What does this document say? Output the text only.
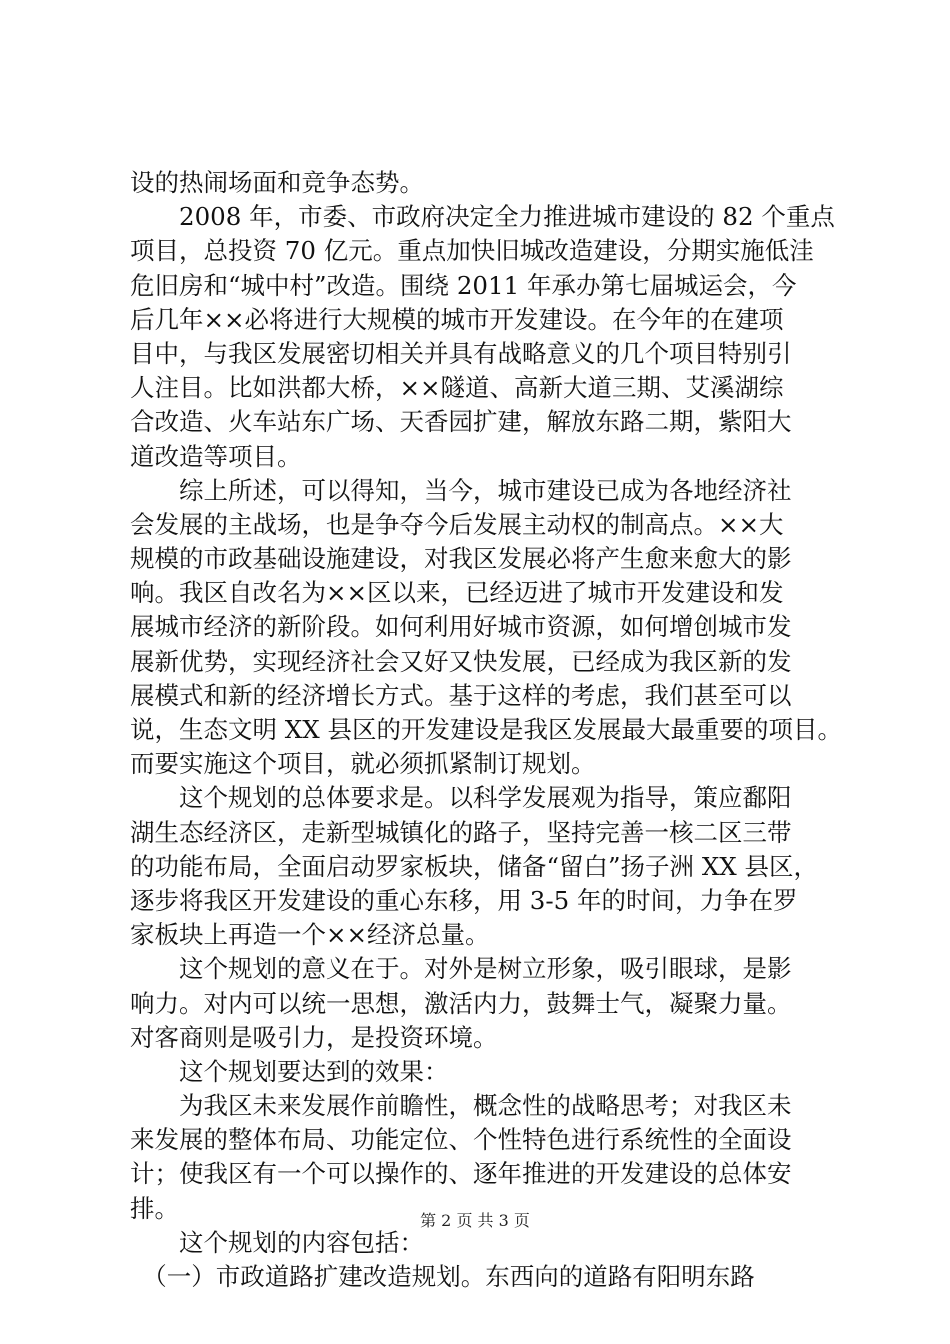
设的热闹场面和竞争态势。
　　2008 年，市委、市政府决定全力推进城市建设的 82 个重点
项目，总投资 70 亿元。重点加快旧城改造建设，分期实施低洼
危旧房和“城中村”改造。围绕 2011 年承办第七届城运会，今
后几年××必将进行大规模的城市开发建设。在今年的在建项
目中，与我区发展密切相关并具有战略意义的几个项目特别引
人注目。比如洪都大桥，××隧道、高新大道三期、艾溪湖综
合改造、火车站东广场、天香园扩建，解放东路二期，紫阳大
道改造等项目。
　　综上所述，可以得知，当今，城市建设已成为各地经济社
会发展的主战场，也是争夺今后发展主动权的制高点。××大
规模的市政基础设施建设，对我区发展必将产生愈来愈大的影
响。我区自改名为××区以来，已经迈进了城市开发建设和发
展城市经济的新阶段。如何利用好城市资源，如何增创城市发
展新优势，实现经济社会又好又快发展，已经成为我区新的发
展模式和新的经济增长方式。基于这样的考虑，我们甚至可以
说，生态文明 XX 县区的开发建设是我区发展最大最重要的项目。
而要实施这个项目，就必须抓紧制订规划。
　　这个规划的总体要求是。以科学发展观为指导，策应鄱阳
湖生态经济区，走新型城镇化的路子，坚持完善一核二区三带
的功能布局，全面启动罗家板块，储备“留白”扬子洲 XX 县区，
逐步将我区开发建设的重心东移，用 3-5 年的时间，力争在罗
家板块上再造一个××经济总量。
　　这个规划的意义在于。对外是树立形象，吸引眼球，是影
响力。对内可以统一思想，激活内力，鼓舞士气，凝聚力量。
对客商则是吸引力，是投资环境。
　　这个规划要达到的效果：
　　为我区未来发展作前瞻性，概念性的战略思考；对我区未
来发展的整体布局、功能定位、个性特色进行系统性的全面设
计；使我区有一个可以操作的、逐年推进的开发建设的总体安
排。
　　这个规划的内容包括：
　（一）市政道路扩建改造规划。东西向的道路有阳明东路
第 2 页 共 3 页
